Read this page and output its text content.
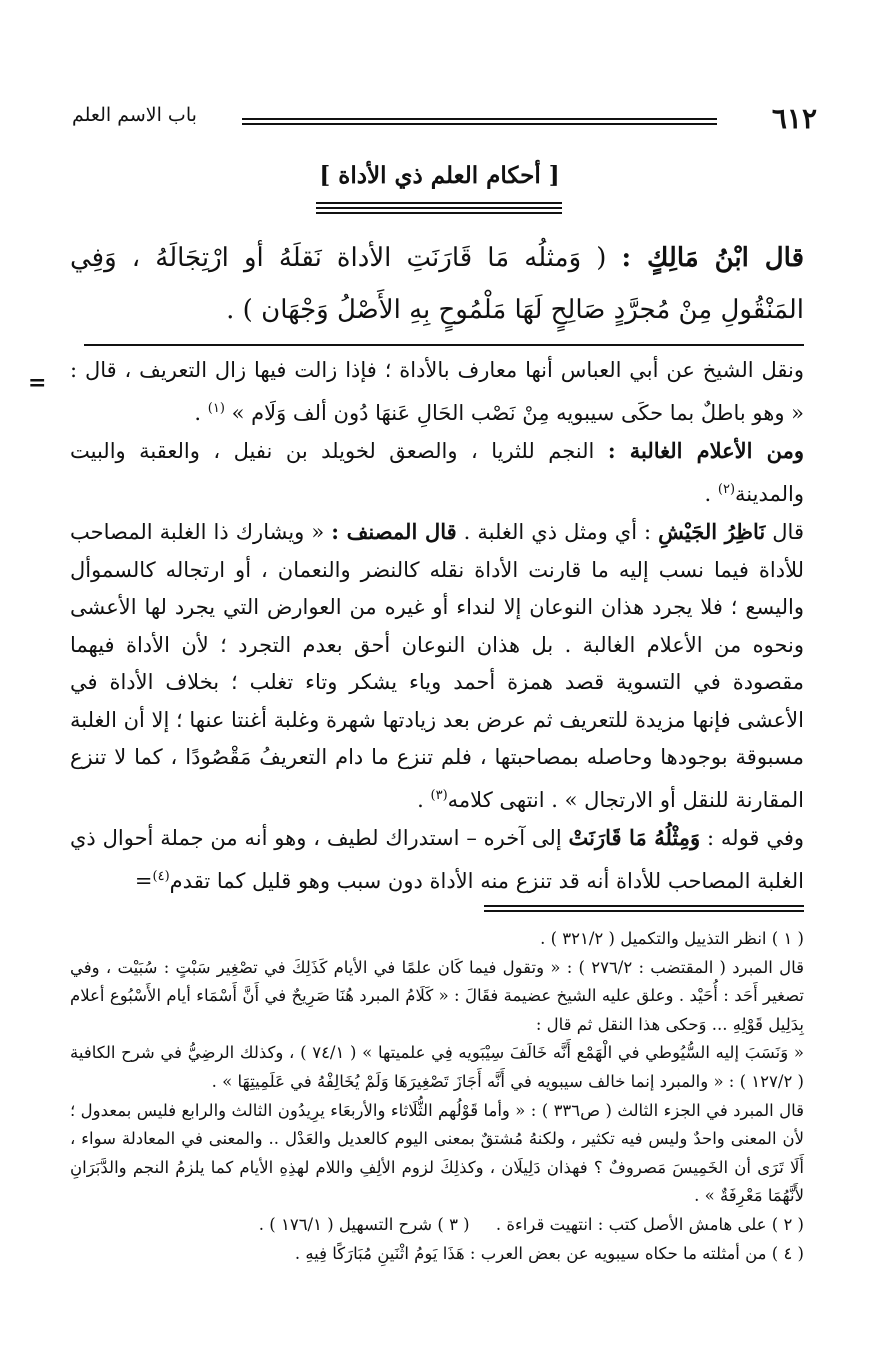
٦١٢
باب الاسم العلم
[ أحكام العلم ذي الأداة ]
قال ابْنُ مَالِكٍ : ( وَمثلُه مَا قَارَنَتِ الأداة نَقلَهُ أو ارْتِجَالَهُ ، وَفِي المَنْقُولِ مِنْ مُجرَّدٍ صَالِحٍ لَهَا مَلْمُوحٍ بِهِ الأَصْلُ وَجْهَان ) .
= ونقل الشيخ عن أبي العباس أنها معارف بالأداة ؛ فإذا زالت فيها زال التعريف ، قال : « وهو باطلٌ بما حكَى سيبويه مِنْ نَصْب الحَالِ عَنهَا دُون ألف وَلَام » $^{(١)}$ .

ومن الأعلام الغالبة : النجم للثريا ، والصعق لخويلد بن نفيل ، والعقبة والبيت والمدينة$^{(٢)}$ .

قال نَاظِرُ الجَيْشِ : أي ومثل ذي الغلبة . قال المصنف : « ويشارك ذا الغلبة المصاحب للأداة فيما نسب إليه ما قارنت الأداة نقله كالنضر والنعمان ، أو ارتجاله كالسموأل واليسع ؛ فلا يجرد هذان النوعان إلا لنداء أو غيره من العوارض التي يجرد لها الأعشى ونحوه من الأعلام الغالبة . بل هذان النوعان أحق بعدم التجرد ؛ لأن الأداة فيهما مقصودة في التسوية قصد همزة أحمد وياء يشكر وتاء تغلب ؛ بخلاف الأداة في الأعشى فإنها مزيدة للتعريف ثم عرض بعد زيادتها شهرة وغلبة أغنتا عنها ؛ إلا أن الغلبة مسبوقة بوجودها وحاصله بمصاحبتها ، فلم تنزع ما دام التعريفُ مَقْصُودًا ، كما لا تنزع المقارنة للنقل أو الارتجال » . انتهى كلامه$^{(٣)}$ .

وفي قوله : وَمِثْلُهُ مَا قَارَنَتْ إلى آخره – استدراك لطيف ، وهو أنه من جملة أحوال ذي الغلبة المصاحب للأداة أنه قد تنزع منه الأداة دون سبب وهو قليل كما تقدم$^{(٤)}$=

( ١ ) انظر التذييل والتكميل ( ٣٢١/٢ ) .

قال المبرد ( المقتضب : ٢٧٦/٢ ) : « وتقول فيما كَان علمًا في الأيام كَذَلِكَ في تصْغِير سَبْتٍ : سُبَيْت ، وفي تصغير أَحَد : أُحَيْد . وعلق عليه الشيخ عضيمة فقَالَ : « كَلَامُ المبرد هُنَا صَرِيحٌ في أَنَّ أَسْمَاء أيام الأَسْبُوع أعلام بِدَلِيل قَوْلِهِ ... وَحكى هذا النقل ثم قال :

« وَنَسَبَ إليه السُّيُوطي في الْهَمْع أَنَّه خَالَفَ سِيْبَويه فِي علميتها » ( ٧٤/١ ) ، وكذلك الرضِيُّ في شرح الكافية ( ١٢٧/٢ ) : « والمبرد إنما خالف سيبويه في أَنَّه أَجَازَ تَصْغِيرَهَا وَلَمْ يُخَالِفْهُ في عَلَمِيتِهَا » .

قال المبرد في الجزء الثالث ( ص٣٣٦ ) : « وأما قَوْلُهم الثُّلَاثاء والأربعَاء يرِيدُون الثالث والرابع فليس بمعدول ؛ لأن المعنى واحدٌ وليس فيه تكثير ، ولكنهُ مُشتقٌ بمعنى اليوم كالعديل والعَدْل .. والمعنى في المعادلة سواء ، أَلَا تَرَى أن الخَمِيسَ مَصروفٌ ؟ فهذان دَلِيلَان ، وكذلِكَ لزوم الألِفِ واللام لهذِهِ الأيام كما يلزمُ النجم والدَّبَرَانِ لأَنَّهُمَا مَعْرِفَةٌ » .

( ٢ ) على هامش الأصل كتب : انتهيت قراءة .     ( ٣ ) شرح التسهيل ( ١٧٦/١ ) .

( ٤ ) من أمثلته ما حكاه سيبويه عن بعض العرب : هَذَا يَومُ اثْنَينِ مُبَارَكًا فِيهِ .
